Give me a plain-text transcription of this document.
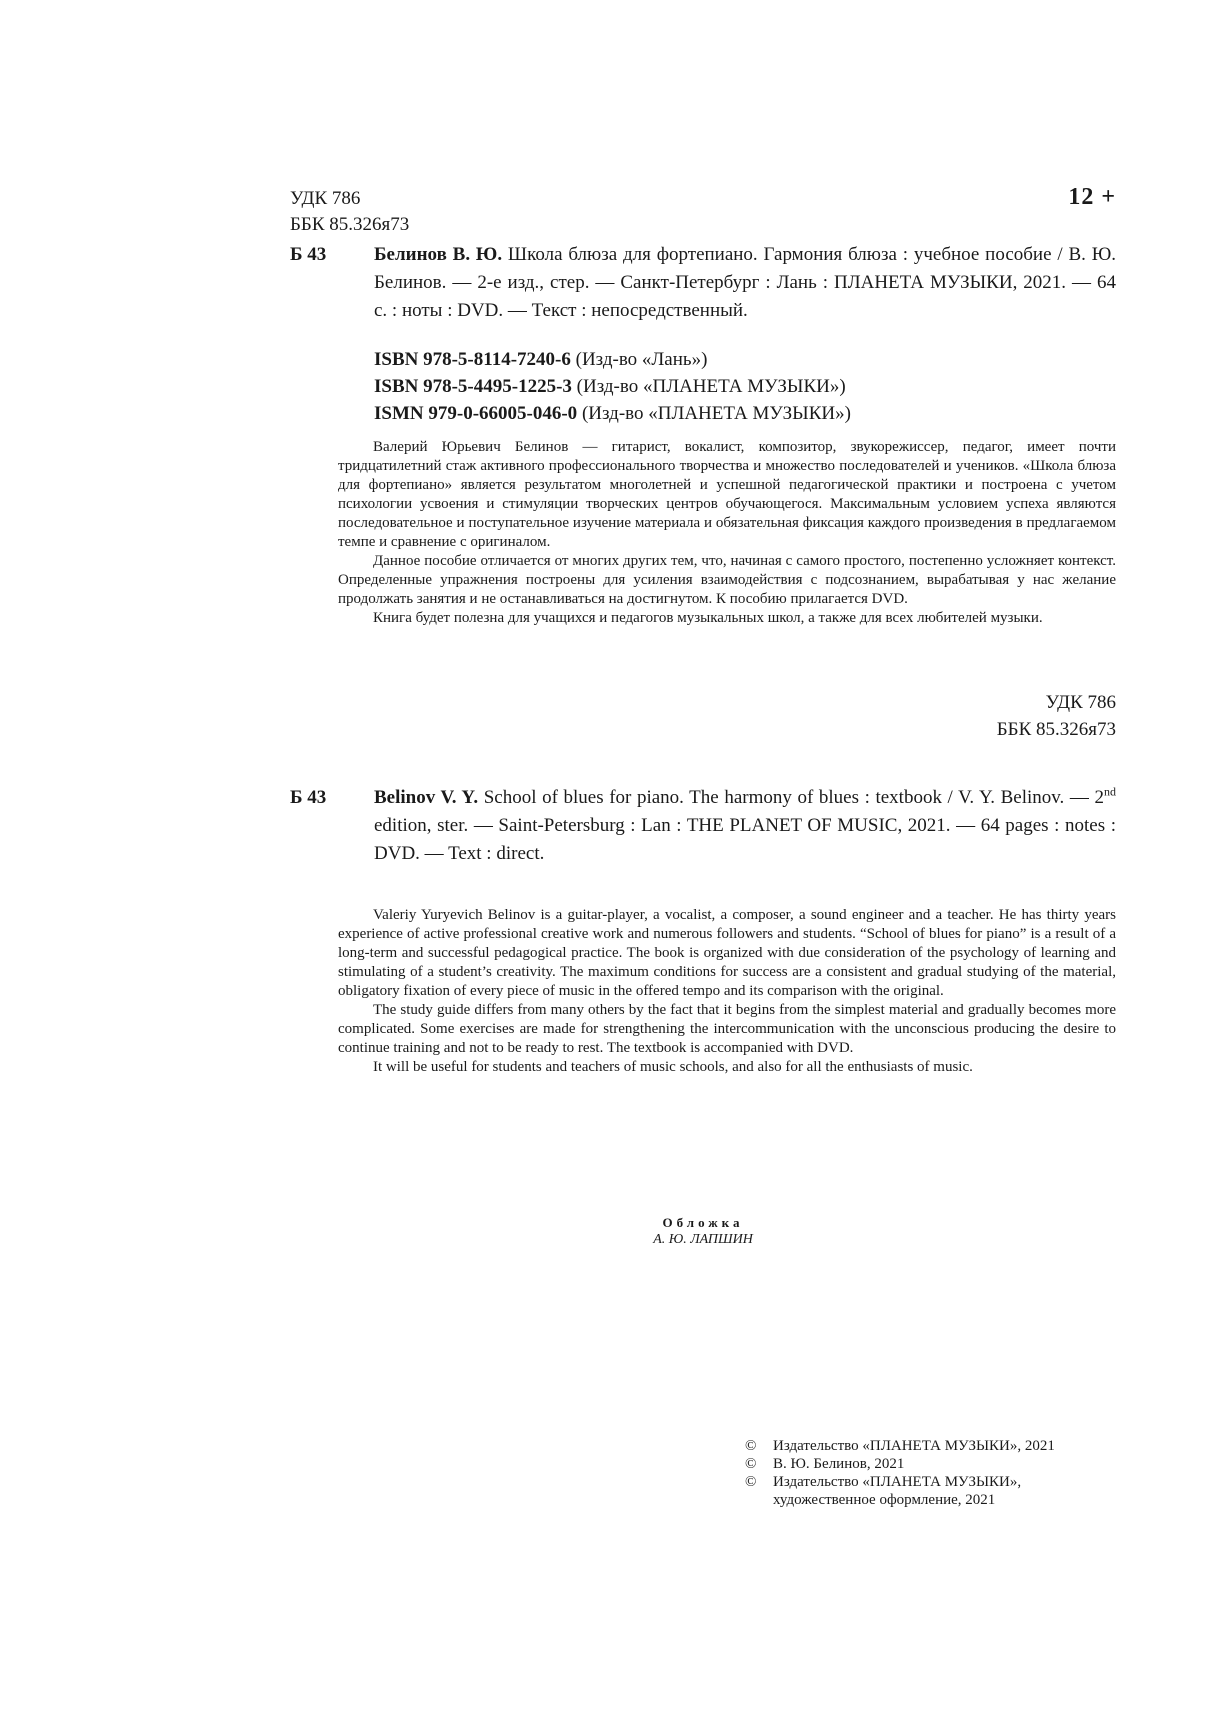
УДК 786
ББК 85.326я73
12 +
Б 43	Белинов В. Ю. Школа блюза для фортепиано. Гармония блюза : учебное пособие / В. Ю. Белинов. — 2-е изд., стер. — Санкт-Петербург : Лань : ПЛАНЕТА МУЗЫКИ, 2021. — 64 с. : ноты : DVD. — Текст : непосредственный.
ISBN 978-5-8114-7240-6 (Изд-во «Лань»)
ISBN 978-5-4495-1225-3 (Изд-во «ПЛАНЕТА МУЗЫКИ»)
ISMN 979-0-66005-046-0 (Изд-во «ПЛАНЕТА МУЗЫКИ»)

Валерий Юрьевич Белинов — гитарист, вокалист, композитор, звукорежиссер, педагог, имеет почти тридцатилетний стаж активного профессионального творчества и множество последователей и учеников. «Школа блюза для фортепиано» является результатом многолетней и успешной педагогической практики и построена с учетом психологии усвоения и стимуляции творческих центров обучающегося. Максимальным условием успеха являются последовательное и поступательное изучение материала и обязательная фиксация каждого произведения в предлагаемом темпе и сравнение с оригиналом.

Данное пособие отличается от многих других тем, что, начиная с самого простого, постепенно усложняет контекст. Определенные упражнения построены для усиления взаимодействия с подсознанием, вырабатывая у нас желание продолжать занятия и не останавливаться на достигнутом. К пособию прилагается DVD.

Книга будет полезна для учащихся и педагогов музыкальных школ, а также для всех любителей музыки.

УДК 786
ББК 85.326я73
Б 43	Belinov V. Y. School of blues for piano. The harmony of blues : textbook / V. Y. Belinov. — 2nd edition, ster. — Saint-Petersburg : Lan : THE PLANET OF MUSIC, 2021. — 64 pages : notes : DVD. — Text : direct.

Valeriy Yuryevich Belinov is a guitar-player, a vocalist, a composer, a sound engineer and a teacher. He has thirty years experience of active professional creative work and numerous followers and students. “School of blues for piano” is a result of a long-term and successful pedagogical practice. The book is organized with due consideration of the psychology of learning and stimulating of a student’s creativity. The maximum conditions for success are a consistent and gradual studying of the material, obligatory fixation of every piece of music in the offered tempo and its comparison with the original.

The study guide differs from many others by the fact that it begins from the simplest material and gradually becomes more complicated. Some exercises are made for strengthening the intercommunication with the unconscious producing the desire to continue training and not to be ready to rest. The textbook is accompanied with DVD.

It will be useful for students and teachers of music schools, and also for all the enthusiasts of music.

Обложка
А. Ю. ЛАПШИН
©	Издательство «ПЛАНЕТА МУЗЫКИ», 2021
©	В. Ю. Белинов, 2021
©	Издательство «ПЛАНЕТА МУЗЫКИ»,
художественное оформление, 2021
